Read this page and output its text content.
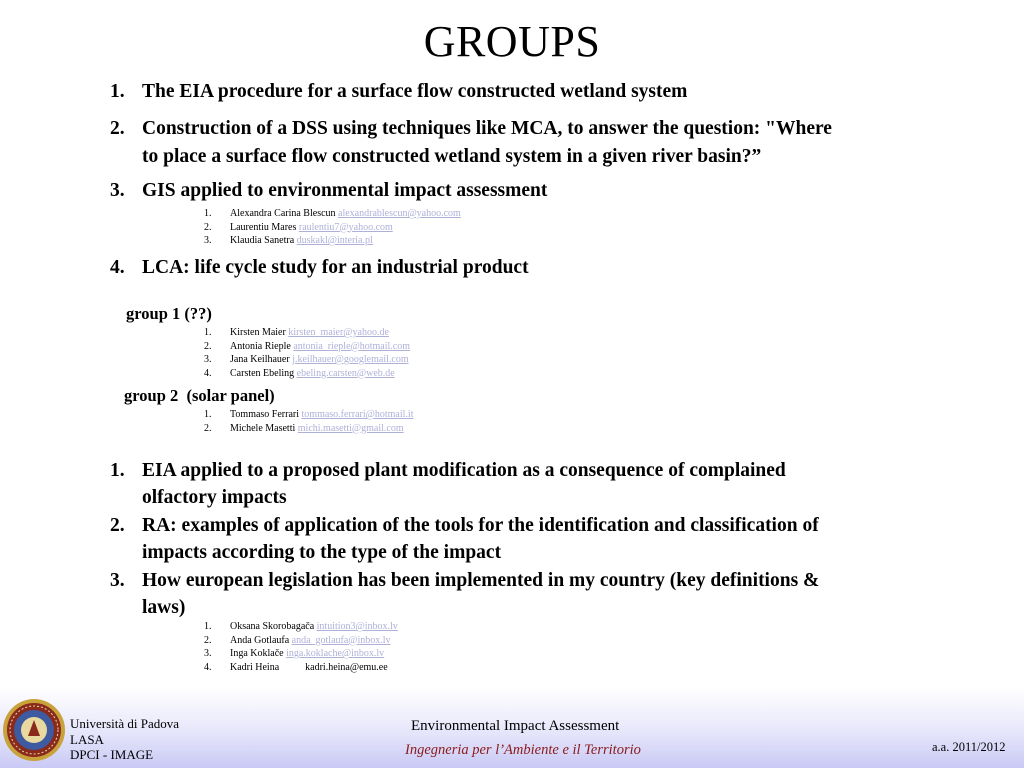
GROUPS
1. The EIA procedure for a surface flow constructed wetland system
2. Construction of a DSS using techniques like MCA, to answer the question: "Where
to place a surface flow constructed wetland system in a given river basin?”
3. GIS applied to environmental impact assessment
1.	Alexandra Carina Blescun alexandrablescun@yahoo.com
2.	Laurentiu Mares raulentiu7@yahoo.com
3.	Klaudia Sanetra duskakl@interia.pl
4. LCA: life cycle study for an industrial product
group 1 (??)
1.	Kirsten Maier kirsten_maier@yahoo.de
2.	Antonia Rieple antonia_rieple@hotmail.com
3.	Jana Keilhauer j.keilhauer@googlemail.com
4.	Carsten Ebeling ebeling.carsten@web.de
group 2  (solar panel)
1.	Tommaso Ferrari tommaso.ferrari@hotmail.it
2.	Michele Masetti michi.masetti@gmail.com
1. EIA applied to a proposed plant modification as a consequence of complained
olfactory impacts
2. RA: examples of application of the tools for the identification and classification of
impacts according to the type of the impact
3. How european legislation has been implemented in my country (key definitions &
laws)
1.	Oksana Skorobagača intuition3@inbox.lv
2.	Anda Gotlaufa anda_gotlaufa@inbox.lv
3.	Inga Koklače inga.koklache@inbox.lv
4.	Kadri Heina	kadri.heina@emu.ee
Università di Padova
LASA
DPCI - IMAGE
Environmental Impact Assessment
Ingegneria per l’Ambiente e il Territorio	a.a. 2011/2012
